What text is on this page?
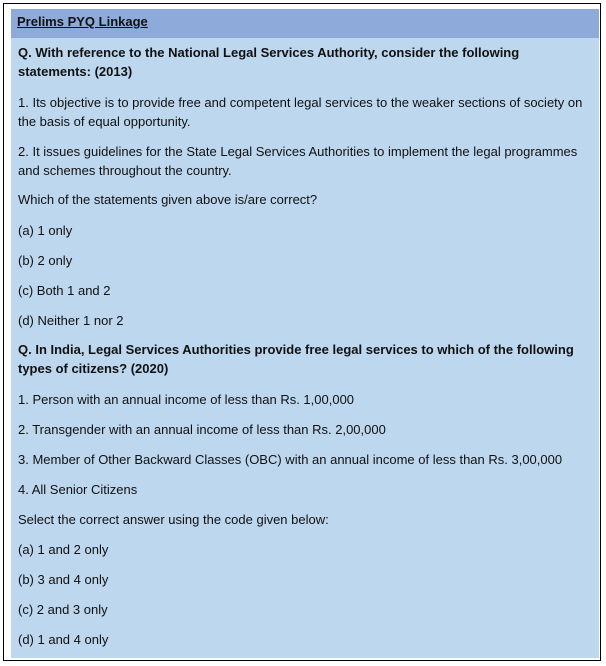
Prelims PYQ Linkage
Q. With reference to the National Legal Services Authority, consider the following statements: (2013)
1. Its objective is to provide free and competent legal services to the weaker sections of society on the basis of equal opportunity.
2. It issues guidelines for the State Legal Services Authorities to implement the legal programmes and schemes throughout the country.
Which of the statements given above is/are correct?
(a) 1 only
(b) 2 only
(c) Both 1 and 2
(d) Neither 1 nor 2
Q. In India, Legal Services Authorities provide free legal services to which of the following types of citizens? (2020)
1. Person with an annual income of less than Rs. 1,00,000
2. Transgender with an annual income of less than Rs. 2,00,000
3. Member of Other Backward Classes (OBC) with an annual income of less than Rs. 3,00,000
4. All Senior Citizens
Select the correct answer using the code given below:
(a) 1 and 2 only
(b) 3 and 4 only
(c) 2 and 3 only
(d) 1 and 4 only
